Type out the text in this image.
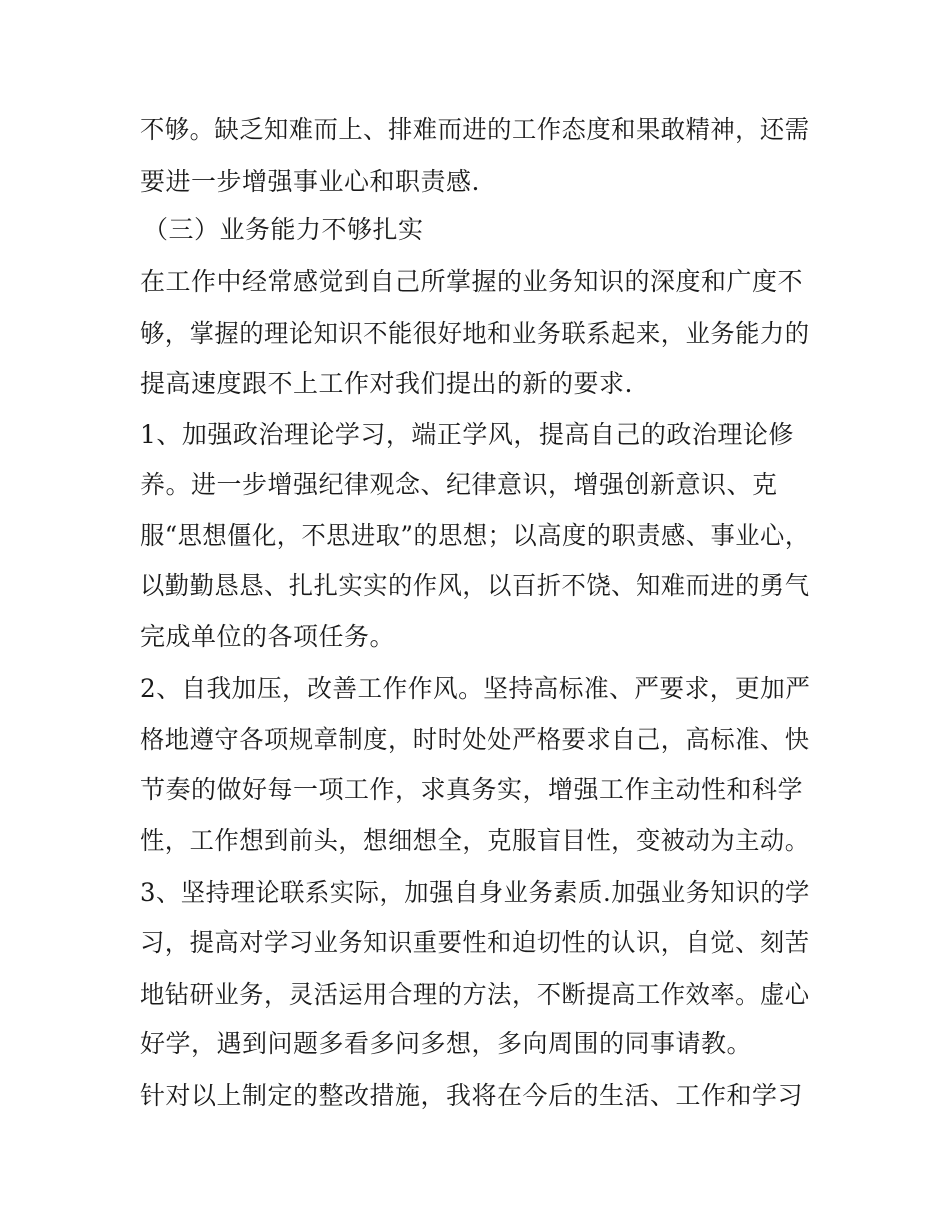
不够。缺乏知难而上、排难而进的工作态度和果敢精神，还需
要进一步增强事业心和职责感.
（三）业务能力不够扎实
在工作中经常感觉到自己所掌握的业务知识的深度和广度不
够，掌握的理论知识不能很好地和业务联系起来，业务能力的
提高速度跟不上工作对我们提出的新的要求.
1、加强政治理论学习，端正学风，提高自己的政治理论修
养。进一步增强纪律观念、纪律意识，增强创新意识、克
服“思想僵化，不思进取”的思想；以高度的职责感、事业心，
以勤勤恳恳、扎扎实实的作风，以百折不饶、知难而进的勇气
完成单位的各项任务。
2、自我加压，改善工作作风。坚持高标准、严要求，更加严
格地遵守各项规章制度，时时处处严格要求自己，高标准、快
节奏的做好每一项工作，求真务实，增强工作主动性和科学
性，工作想到前头，想细想全，克服盲目性，变被动为主动。
3、坚持理论联系实际，加强自身业务素质.加强业务知识的学
习，提高对学习业务知识重要性和迫切性的认识，自觉、刻苦
地钻研业务，灵活运用合理的方法，不断提高工作效率。虚心
好学，遇到问题多看多问多想，多向周围的同事请教。
针对以上制定的整改措施，我将在今后的生活、工作和学习
